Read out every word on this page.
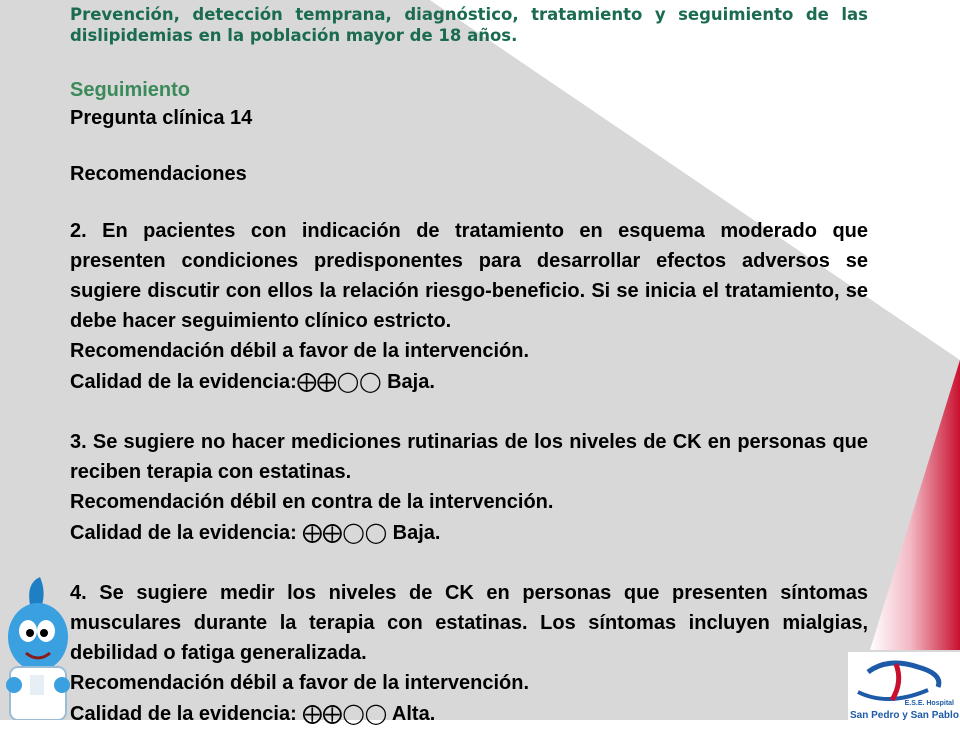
Prevención, detección temprana, diagnóstico, tratamiento y seguimiento de las dislipidemias en la población mayor de 18 años.
Seguimiento
Pregunta clínica 14
Recomendaciones
2. En pacientes con indicación de tratamiento en esquema moderado que presenten condiciones predisponentes para desarrollar efectos adversos se sugiere discutir con ellos la relación riesgo-beneficio. Si se inicia el tratamiento, se debe hacer seguimiento clínico estricto.
Recomendación débil a favor de la intervención.
Calidad de la evidencia:⨁⨁◯◯ Baja.
3. Se sugiere no hacer mediciones rutinarias de los niveles de CK en personas que reciben terapia con estatinas.
Recomendación débil en contra de la intervención.
Calidad de la evidencia: ⨁⨁◯◯ Baja.
4. Se sugiere medir los niveles de CK en personas que presenten síntomas musculares durante la terapia con estatinas. Los síntomas incluyen mialgias, debilidad o fatiga generalizada.
Recomendación débil a favor de la intervención.
Calidad de la evidencia: ⨁⨁◯◯ Alta.	E.S.E. Hospital
San Pedro y San Pablo
